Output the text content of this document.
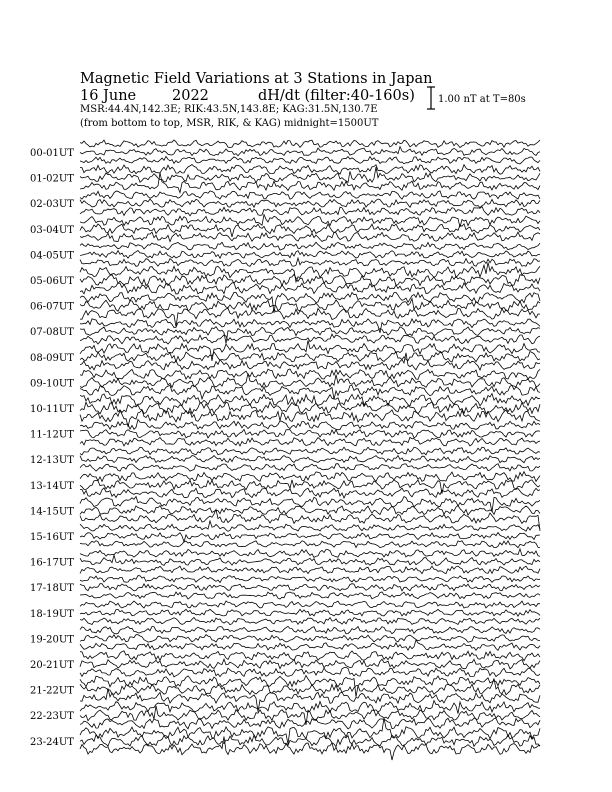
Magnetic Field Variations at 3 Stations in Japan
16 June 2022	dH/dt (filter:40-160s)
MSR:44.4N,142.3E; RIK:43.5N,143.8E; KAG:31.5N,130.7E
(from bottom to top, MSR, RIK, & KAG) midnight=1500UT
1.00 nT at T=80s
00-01UT
01-02UT
02-03UT
03-04UT
04-05UT
05-06UT
06-07UT
07-08UT
08-09UT
09-10UT
10-11UT
11-12UT
12-13UT
13-14UT
14-15UT
15-16UT
16-17UT
17-18UT
18-19UT
19-20UT
20-21UT
21-22UT
22-23UT
23-24UT
